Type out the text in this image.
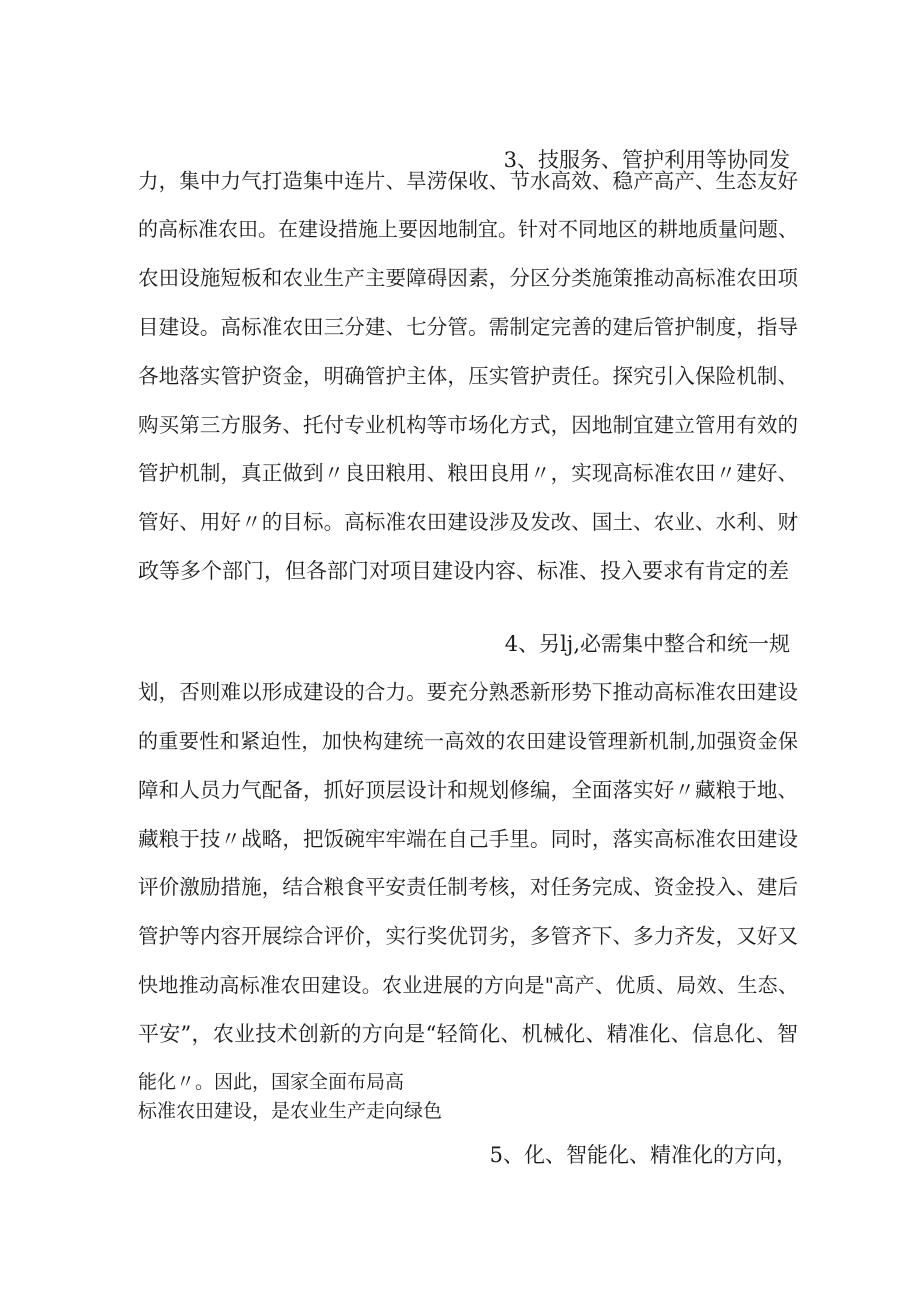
3、技服务、管护利用等协同发
力，集中力气打造集中连片、旱涝保收、节水高效、稳产高产、生态友好
的高标准农田。在建设措施上要因地制宜。针对不同地区的耕地质量问题、
农田设施短板和农业生产主要障碍因素，分区分类施策推动高标准农田项
目建设。高标准农田三分建、七分管。需制定完善的建后管护制度，指导
各地落实管护资金，明确管护主体，压实管护责任。探究引入保险机制、
购买第三方服务、托付专业机构等市场化方式，因地制宜建立管用有效的
管护机制，真正做到〃良田粮用、粮田良用〃，实现高标准农田〃建好、
管好、用好〃的目标。高标准农田建设涉及发改、国土、农业、水利、财
政等多个部门，但各部门对项目建设内容、标准、投入要求有肯定的差
4、另lj,必需集中整合和统一规
划，否则难以形成建设的合力。要充分熟悉新形势下推动高标准农田建设
的重要性和紧迫性，加快构建统一高效的农田建设管理新机制,加强资金保
障和人员力气配备，抓好顶层设计和规划修编，全面落实好〃藏粮于地、
藏粮于技〃战略，把饭碗牢牢端在自己手里。同时，落实高标准农田建设
评价激励措施，结合粮食平安责任制考核，对任务完成、资金投入、建后
管护等内容开展综合评价，实行奖优罚劣，多管齐下、多力齐发，又好又
快地推动高标准农田建设。农业进展的方向是"高产、优质、局效、生态、
平安”，农业技术创新的方向是“轻简化、机械化、精准化、信息化、智
能化〃。因此，国家全面布局高
标准农田建设，是农业生产走向绿色
5、化、智能化、精准化的方向，
